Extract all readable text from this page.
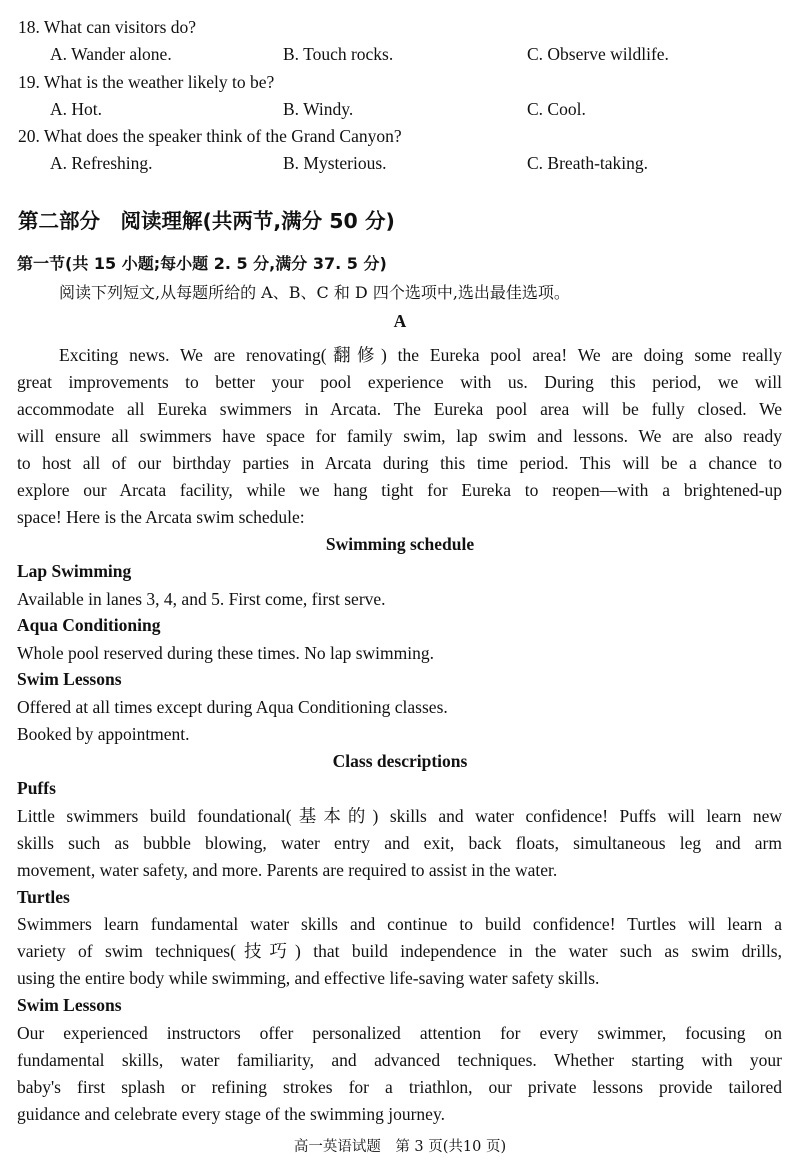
18. What can visitors do?
A. Wander alone.	B. Touch rocks.	C. Observe wildlife.
19. What is the weather likely to be?
A. Hot.	B. Windy.	C. Cool.
20. What does the speaker think of the Grand Canyon?
A. Refreshing.	B. Mysterious.	C. Breath-taking.
第二部分　阅读理解(共两节,满分 50 分)
第一节(共 15 小题;每小题 2. 5 分,满分 37. 5 分)
阅读下列短文,从每题所给的 A、B、C 和 D 四个选项中,选出最佳选项。
A
Exciting news. We are renovating(翻修) the Eureka pool area! We are doing some really
great improvements to better your pool experience with us. During this period, we will
accommodate all Eureka swimmers in Arcata. The Eureka pool area will be fully closed. We
will ensure all swimmers have space for family swim, lap swim and lessons. We are also ready
to host all of our birthday parties in Arcata during this time period. This will be a chance to
explore our Arcata facility, while we hang tight for Eureka to reopen—with a brightened-up
space! Here is the Arcata swim schedule:
Swimming schedule
Lap Swimming
Available in lanes 3, 4, and 5. First come, first serve.
Aqua Conditioning
Whole pool reserved during these times. No lap swimming.
Swim Lessons
Offered at all times except during Aqua Conditioning classes.
Booked by appointment.
Class descriptions
Puffs
Little swimmers build foundational(基本的) skills and water confidence! Puffs will learn new
skills such as bubble blowing, water entry and exit, back floats, simultaneous leg and arm
movement, water safety, and more. Parents are required to assist in the water.
Turtles
Swimmers learn fundamental water skills and continue to build confidence! Turtles will learn a
variety of swim techniques(技巧) that build independence in the water such as swim drills,
using the entire body while swimming, and effective life-saving water safety skills.
Swim Lessons
Our experienced instructors offer personalized attention for every swimmer, focusing on
fundamental skills, water familiarity, and advanced techniques. Whether starting with your
baby's first splash or refining strokes for a triathlon, our private lessons provide tailored
guidance and celebrate every stage of the swimming journey.
高一英语试题　第 3 页(共10 页)
